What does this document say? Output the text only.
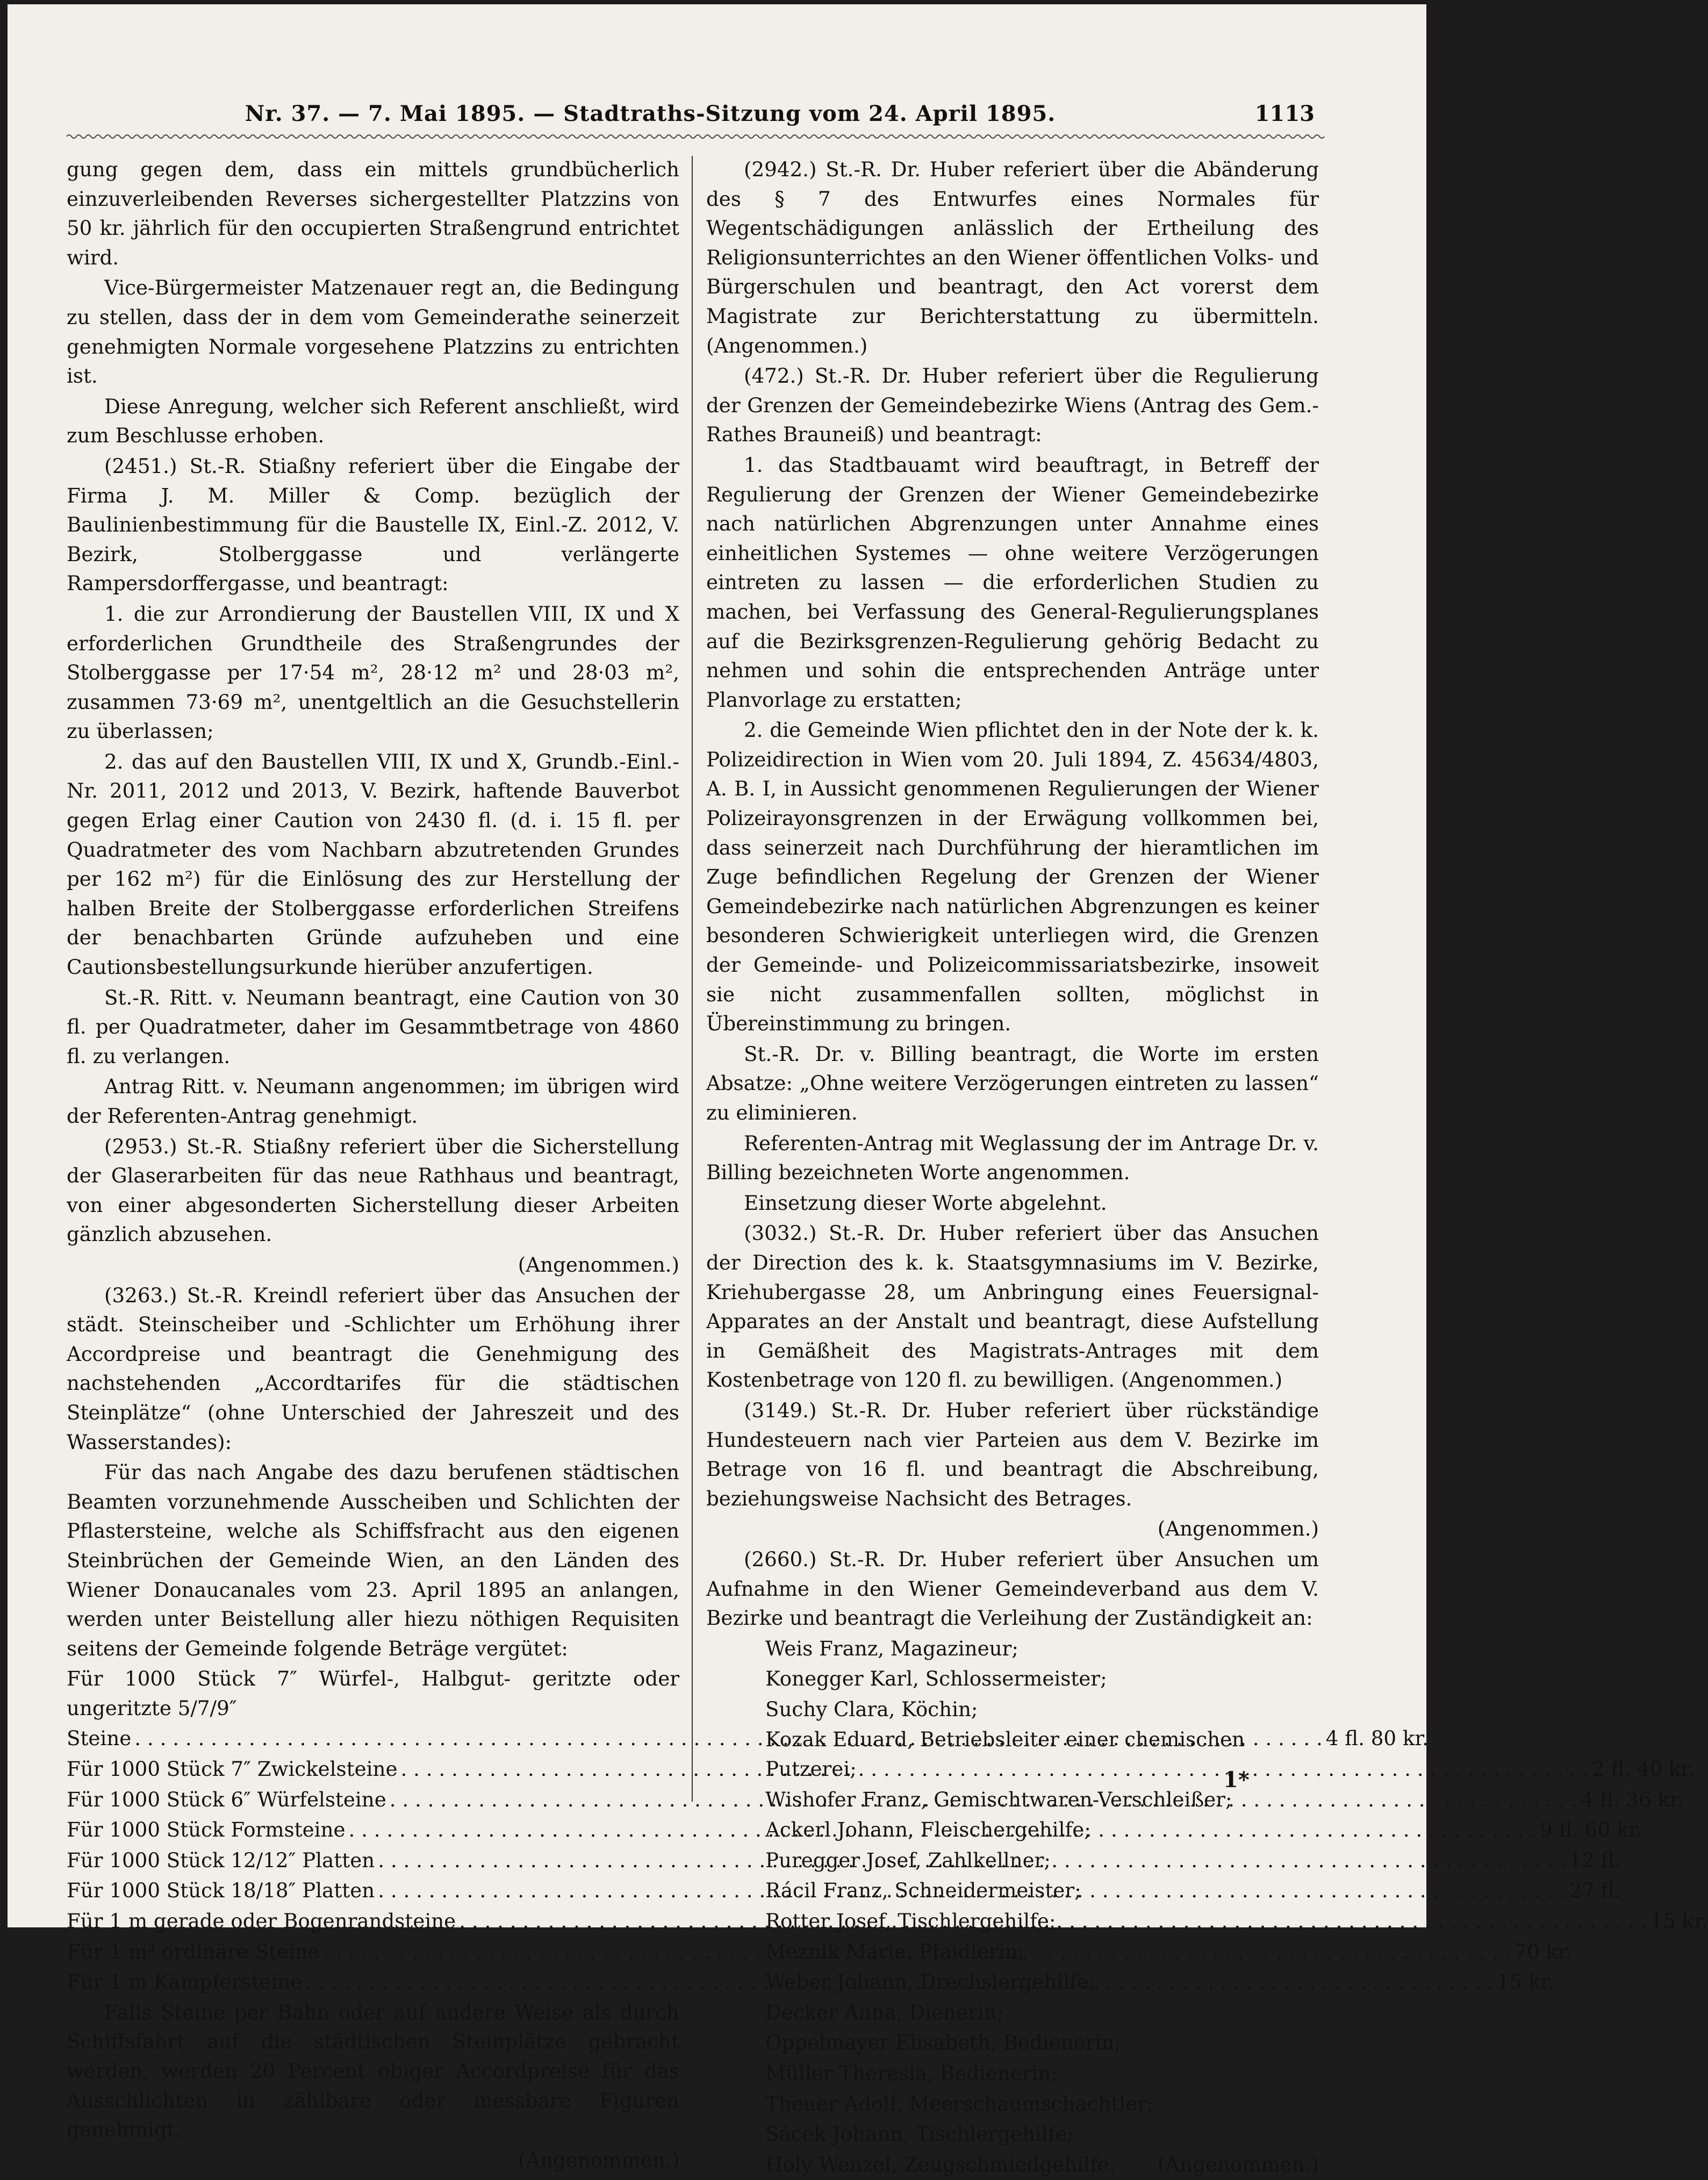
Nr. 37. — 7. Mai 1895. — Stadtraths-Sitzung vom 24. April 1895.	1113

gung gegen dem, dass ein mittels grundbücherlich einzuverleibenden Reverses sichergestellter Platzzins von 50 kr. jährlich für den occupierten Straßengrund entrichtet wird.

Vice-Bürgermeister Matzenauer regt an, die Bedingung zu stellen, dass der in dem vom Gemeinderathe seinerzeit genehmigten Normale vorgesehene Platzzins zu entrichten ist.

Diese Anregung, welcher sich Referent anschließt, wird zum Beschlusse erhoben.

(2451.) St.-R. Stiaßny referiert über die Eingabe der Firma J. M. Miller & Comp. bezüglich der Baulinienbestimmung für die Baustelle IX, Einl.-Z. 2012, V. Bezirk, Stolberggasse und verlängerte Rampersdorffergasse, und beantragt:

1. die zur Arrondierung der Baustellen VIII, IX und X erforderlichen Grundtheile des Straßengrundes der Stolberggasse per 17·54 m², 28·12 m² und 28·03 m², zusammen 73·69 m², unentgeltlich an die Gesuchstellerin zu überlassen;

2. das auf den Baustellen VIII, IX und X, Grundb.-Einl.-Nr. 2011, 2012 und 2013, V. Bezirk, haftende Bauverbot gegen Erlag einer Caution von 2430 fl. (d. i. 15 fl. per Quadratmeter des vom Nachbarn abzutretenden Grundes per 162 m²) für die Einlösung des zur Herstellung der halben Breite der Stolberggasse erforderlichen Streifens der benachbarten Gründe aufzuheben und eine Cautionsbestellungsurkunde hierüber anzufertigen.

St.-R. Ritt. v. Neumann beantragt, eine Caution von 30 fl. per Quadratmeter, daher im Gesammtbetrage von 4860 fl. zu verlangen.

Antrag Ritt. v. Neumann angenommen; im übrigen wird der Referenten-Antrag genehmigt.

(2953.) St.-R. Stiaßny referiert über die Sicherstellung der Glaserarbeiten für das neue Rathhaus und beantragt, von einer abgesonderten Sicherstellung dieser Arbeiten gänzlich abzusehen.

(Angenommen.)

(3263.) St.-R. Kreindl referiert über das Ansuchen der städt. Steinscheiber und -Schlichter um Erhöhung ihrer Accordpreise und beantragt die Genehmigung des nachstehenden „Accordtarifes für die städtischen Steinplätze“ (ohne Unterschied der Jahreszeit und des Wasserstandes):

Für das nach Angabe des dazu berufenen städtischen Beamten vorzunehmende Ausscheiben und Schlichten der Pflastersteine, welche als Schiffsfracht aus den eigenen Steinbrüchen der Gemeinde Wien, an den Länden des Wiener Donaucanales vom 23. April 1895 an anlangen, werden unter Beistellung aller hiezu nöthigen Requisiten seitens der Gemeinde folgende Beträge vergütet:

Für 1000 Stück 7″ Würfel-, Halbgut- geritzte oder ungeritzte 5/7/9″

Steine . . .	4 fl. 80 kr.
Für 1000 Stück 7″ Zwickelsteine . . .	2 fl. 40 kr.
Für 1000 Stück 6″ Würfelsteine . . .	4 fl. 36 kr.
Für 1000 Stück Formsteine . . .	9 fl. 60 kr.
Für 1000 Stück 12/12″ Platten . . .	12 fl.
Für 1000 Stück 18/18″ Platten . . .	27 fl.
Für 1 m gerade oder Bogenrandsteine . . .	15 kr.
Für 1 m³ ordinäre Steine . . .	70 kr.
Für 1 m Kämpfersteine . . .	15 kr.

Falls Steine per Bahn oder auf andere Weise als durch Schiffsfahrt auf die städtischen Steinplätze gebracht werden, werden 20 Percent obiger Accordpreise für das Ausschlichten in zählbare oder messbare Figuren genehmigt.

(Angenommen.)

(2942.) St.-R. Dr. Huber referiert über die Abänderung des § 7 des Entwurfes eines Normales für Wegentschädigungen anlässlich der Ertheilung des Religionsunterrichtes an den Wiener öffentlichen Volks- und Bürgerschulen und beantragt, den Act vorerst dem Magistrate zur Berichterstattung zu übermitteln. (Angenommen.)

(472.) St.-R. Dr. Huber referiert über die Regulierung der Grenzen der Gemeindebezirke Wiens (Antrag des Gem.-Rathes Brauneiß) und beantragt:

1. das Stadtbauamt wird beauftragt, in Betreff der Regulierung der Grenzen der Wiener Gemeindebezirke nach natürlichen Abgrenzungen unter Annahme eines einheitlichen Systemes — ohne weitere Verzögerungen eintreten zu lassen — die erforderlichen Studien zu machen, bei Verfassung des General-Regulierungsplanes auf die Bezirksgrenzen-Regulierung gehörig Bedacht zu nehmen und sohin die entsprechenden Anträge unter Planvorlage zu erstatten;

2. die Gemeinde Wien pflichtet den in der Note der k. k. Polizeidirection in Wien vom 20. Juli 1894, Z. 45634/4803, A. B. I, in Aussicht genommenen Regulierungen der Wiener Polizeirayonsgrenzen in der Erwägung vollkommen bei, dass seinerzeit nach Durchführung der hieramtlichen im Zuge befindlichen Regelung der Grenzen der Wiener Gemeindebezirke nach natürlichen Abgrenzungen es keiner besonderen Schwierigkeit unterliegen wird, die Grenzen der Gemeinde- und Polizeicommissariatsbezirke, insoweit sie nicht zusammenfallen sollten, möglichst in Übereinstimmung zu bringen.

St.-R. Dr. v. Billing beantragt, die Worte im ersten Absatze: „Ohne weitere Verzögerungen eintreten zu lassen“ zu eliminieren.

Referenten-Antrag mit Weglassung der im Antrage Dr. v. Billing bezeichneten Worte angenommen.

Einsetzung dieser Worte abgelehnt.

(3032.) St.-R. Dr. Huber referiert über das Ansuchen der Direction des k. k. Staatsgymnasiums im V. Bezirke, Kriehubergasse 28, um Anbringung eines Feuersignal-Apparates an der Anstalt und beantragt, diese Aufstellung in Gemäßheit des Magistrats-Antrages mit dem Kostenbetrage von 120 fl. zu bewilligen. (Angenommen.)

(3149.) St.-R. Dr. Huber referiert über rückständige Hundesteuern nach vier Parteien aus dem V. Bezirke im Betrage von 16 fl. und beantragt die Abschreibung, beziehungsweise Nachsicht des Betrages.

(Angenommen.)

(2660.) St.-R. Dr. Huber referiert über Ansuchen um Aufnahme in den Wiener Gemeindeverband aus dem V. Bezirke und beantragt die Verleihung der Zuständigkeit an:

Weis Franz, Magazineur;

Konegger Karl, Schlossermeister;

Suchy Clara, Köchin;

Kozak Eduard, Betriebsleiter einer chemischen Putzerei;

Wishofer Franz, Gemischtwaren-Verschleißer;

Ackerl Johann, Fleischergehilfe;

Puregger Josef, Zahlkellner;

Rácil Franz, Schneidermeister;

Rotter Josef, Tischlergehilfe;

Meznik Marie, Pfaidlerin;

Weber Johann, Drechslergehilfe;

Decker Anna, Dienerin;

Oppelmayer Elisabeth, Bedienerin;

Müller Theresia, Bedienerin;

Theuer Adolf, Meerschaumschachtler;

Sácek Johann, Tischlergehilfe;

Holy Wenzel, Zeugschmiedgehilfe. (Angenommen.)
1*
